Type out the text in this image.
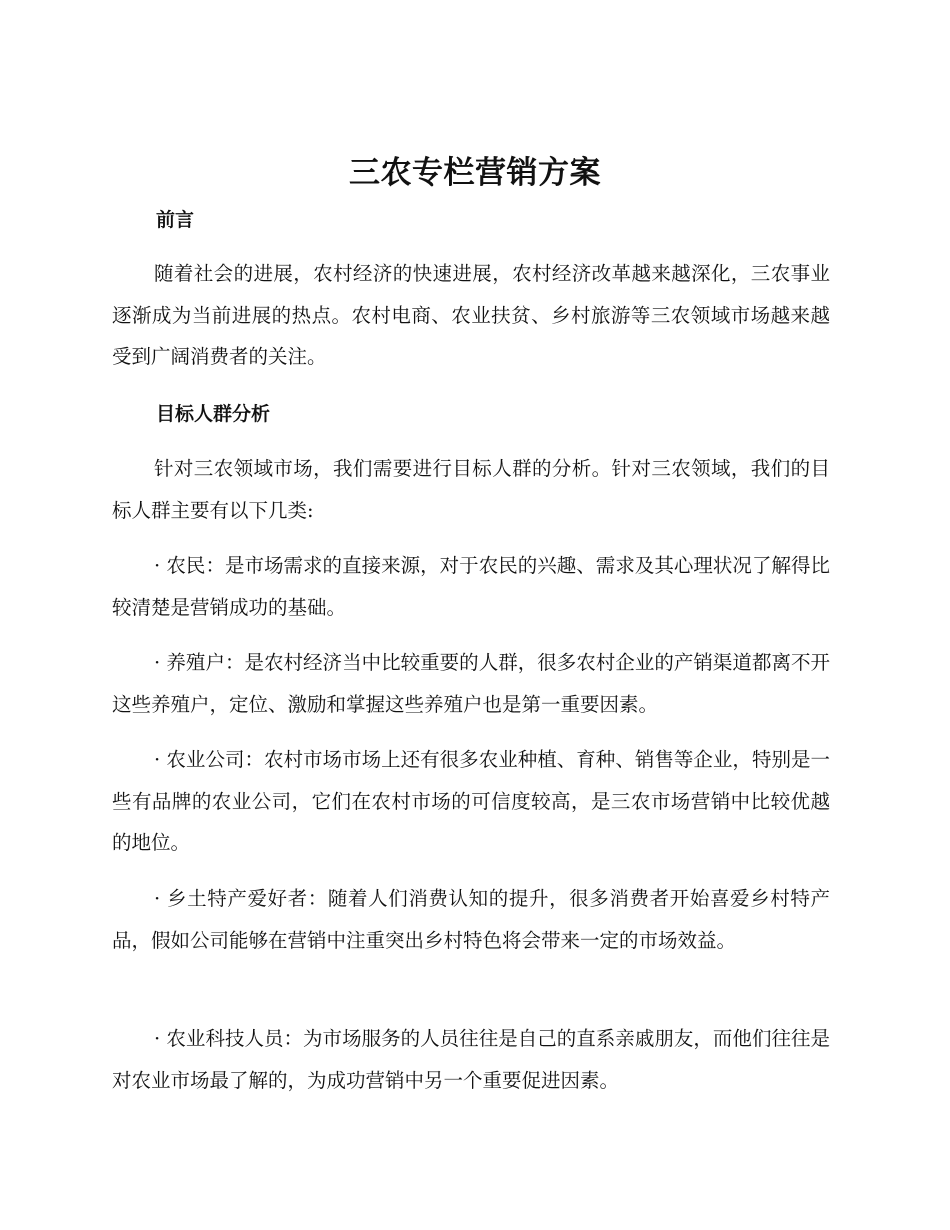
三农专栏营销方案
前言

随着社会的进展，农村经济的快速进展，农村经济改革越来越深化，三农事业逐渐成为当前进展的热点。农村电商、农业扶贫、乡村旅游等三农领域市场越来越受到广阔消费者的关注。

目标人群分析

针对三农领域市场，我们需要进行目标人群的分析。针对三农领域，我们的目标人群主要有以下几类:

· 农民：是市场需求的直接来源，对于农民的兴趣、需求及其心理状况了解得比较清楚是营销成功的基础。

· 养殖户：是农村经济当中比较重要的人群，很多农村企业的产销渠道都离不开这些养殖户，定位、激励和掌握这些养殖户也是第一重要因素。

· 农业公司：农村市场市场上还有很多农业种植、育种、销售等企业，特别是一些有品牌的农业公司，它们在农村市场的可信度较高，是三农市场营销中比较优越的地位。

· 乡土特产爱好者：随着人们消费认知的提升，很多消费者开始喜爱乡村特产品，假如公司能够在营销中注重突出乡村特色将会带来一定的市场效益。

· 农业科技人员：为市场服务的人员往往是自己的直系亲戚朋友，而他们往往是对农业市场最了解的，为成功营销中另一个重要促进因素。
